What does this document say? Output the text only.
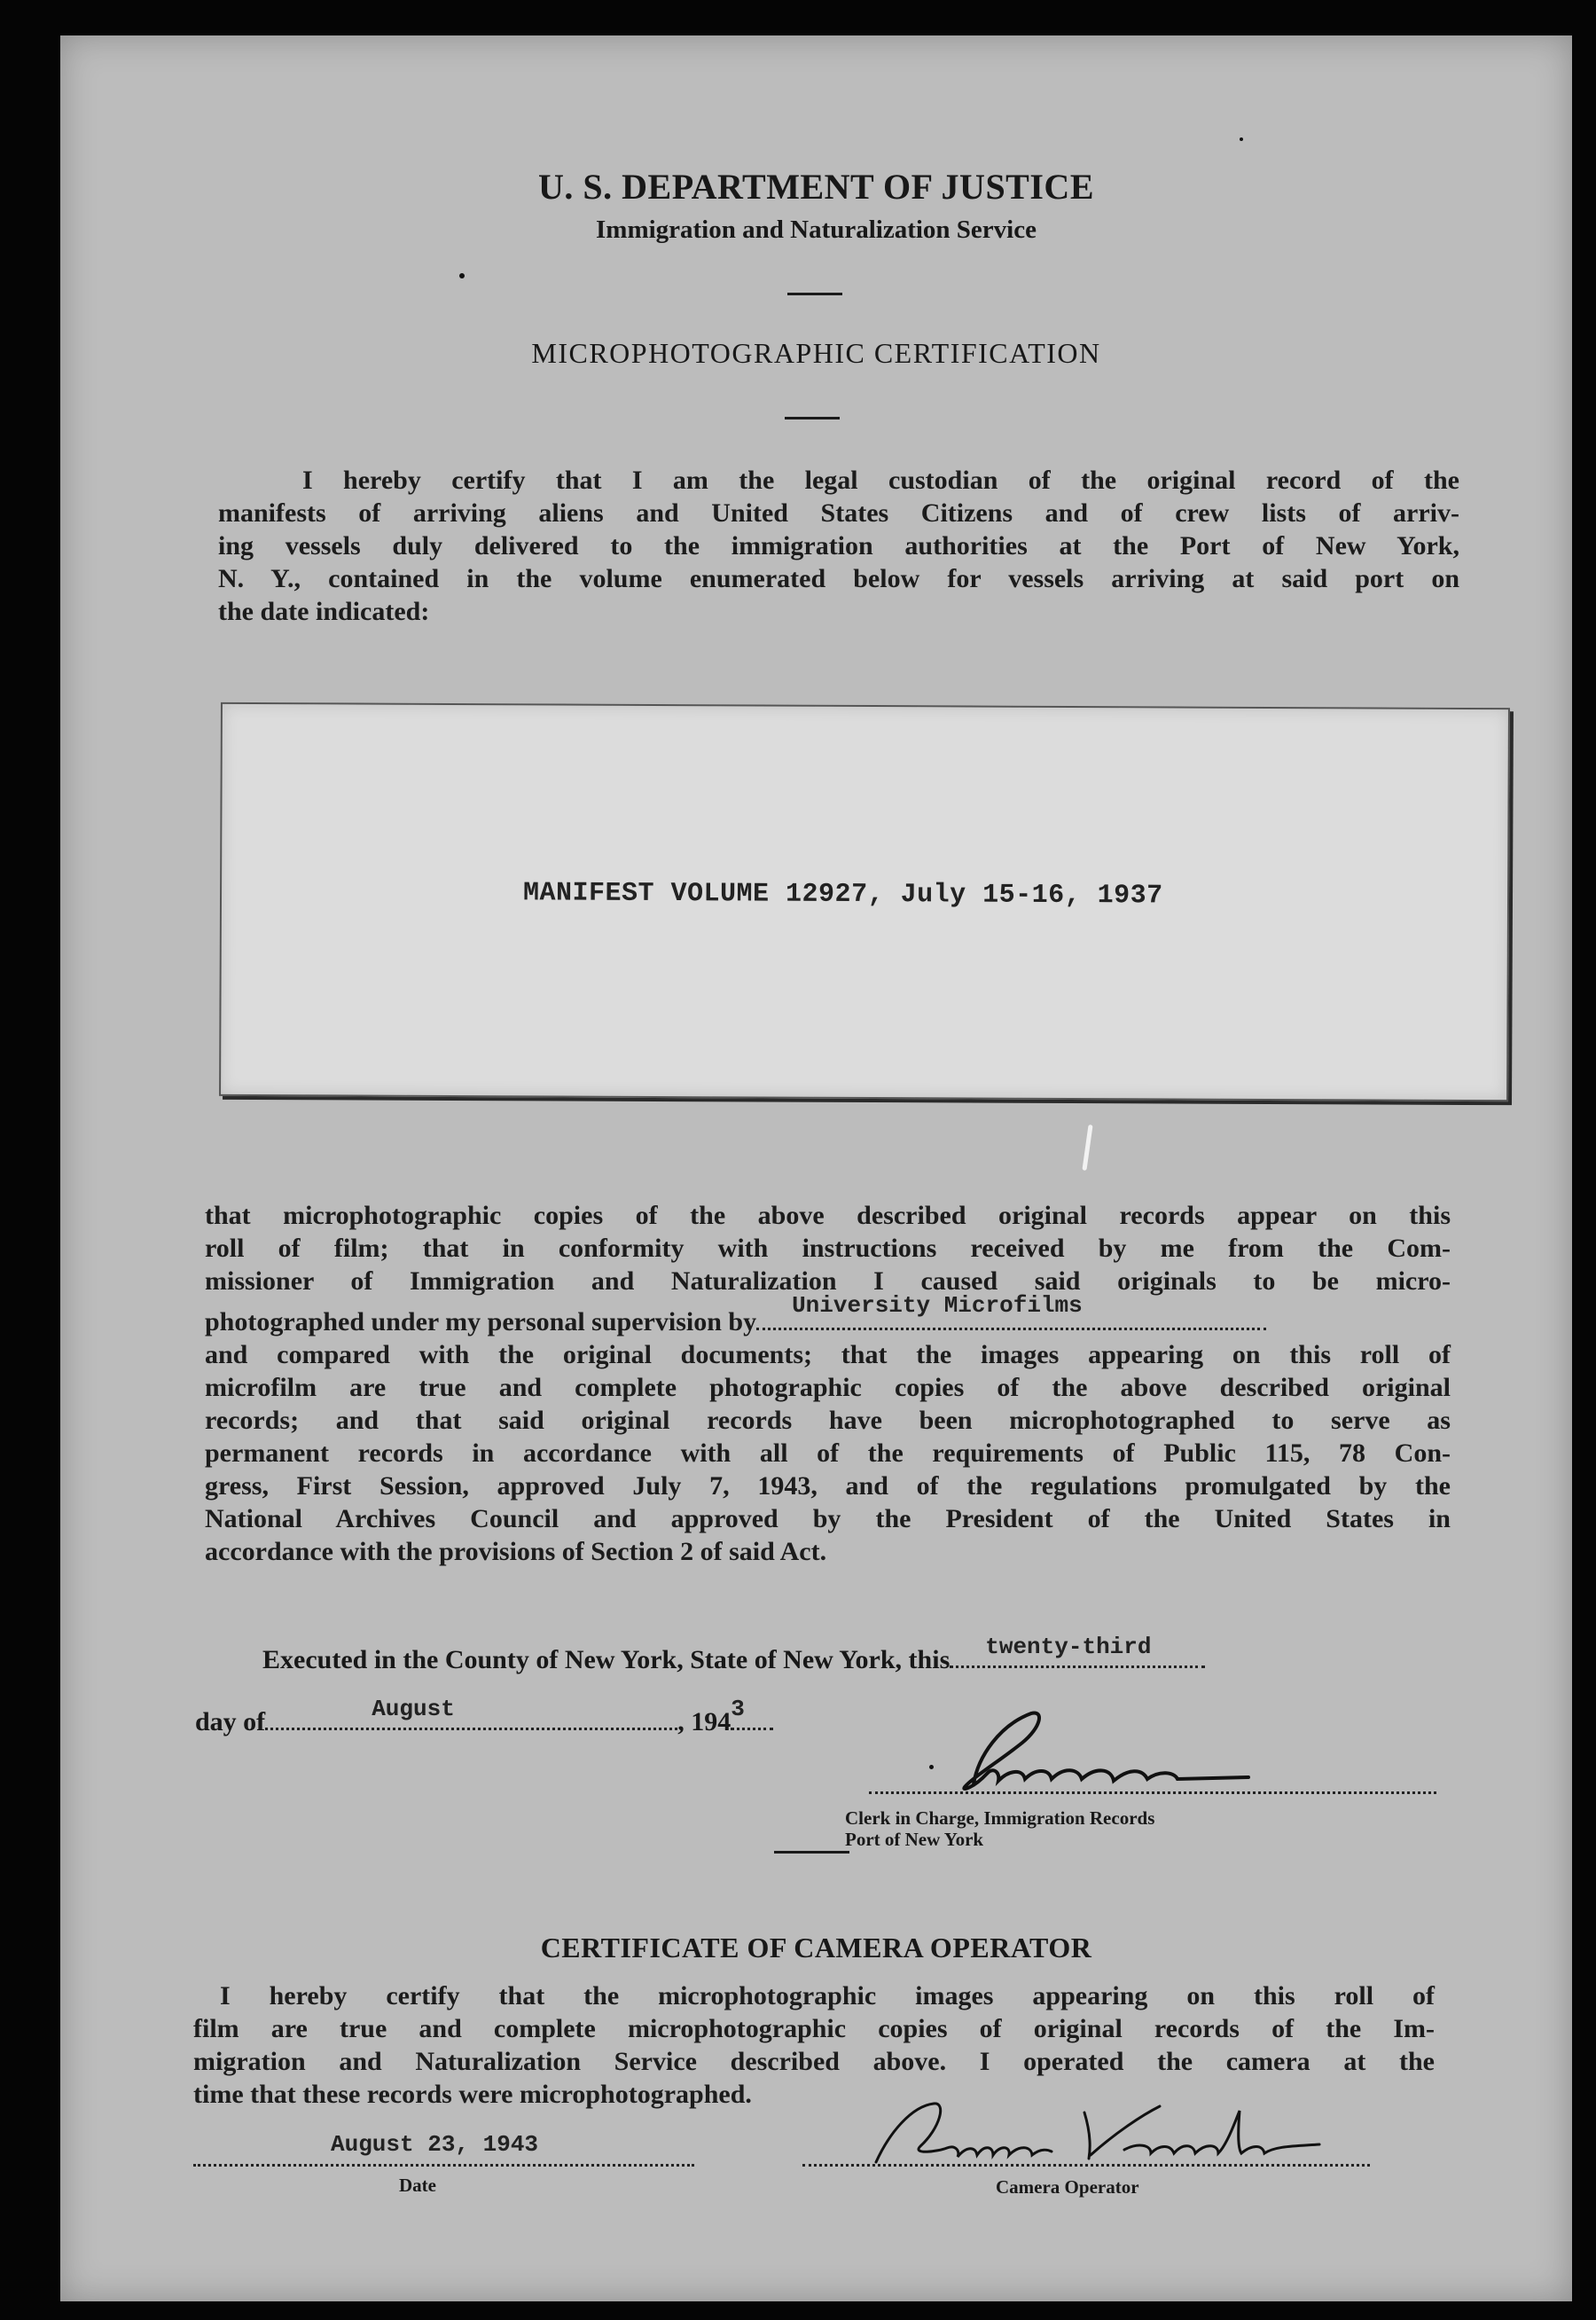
U. S. DEPARTMENT OF JUSTICE
Immigration and Naturalization Service
MICROPHOTOGRAPHIC CERTIFICATION

I hereby certify that I am the legal custodian of the original record of the

manifests of arriving aliens and United States Citizens and of crew lists of arriv-

ing vessels duly delivered to the immigration authorities at the Port of New York,

N. Y., contained in the volume enumerated below for vessels arriving at said port on

the date indicated:

MANIFEST VOLUME 12927, July 15-16, 1937

that microphotographic copies of the above described original records appear on this

roll of film; that in conformity with instructions received by me from the Com-

missioner of Immigration and Naturalization I caused said originals to be micro-

photographed under my personal supervision by
University Microfilms

and compared with the original documents; that the images appearing on this roll of

microfilm are true and complete photographic copies of the above described original

records; and that said original records have been microphotographed to serve as

permanent records in accordance with all of the requirements of Public 115, 78 Con-

gress, First Session, approved July 7, 1943, and of the regulations promulgated by the

National Archives Council and approved by the President of the United States in

accordance with the provisions of Section 2 of said Act.

Executed in the County of New York, State of New York, this twenty-third
day of	August	, 194 3
Clerk in Charge, Immigration Records
Port of New York
CERTIFICATE OF CAMERA OPERATOR

I hereby certify that the microphotographic images appearing on this roll of

film are true and complete microphotographic copies of original records of the Im-

migration and Naturalization Service described above. I operated the camera at the

time that these records were microphotographed.

August 23, 1943
Date	Camera Operator
